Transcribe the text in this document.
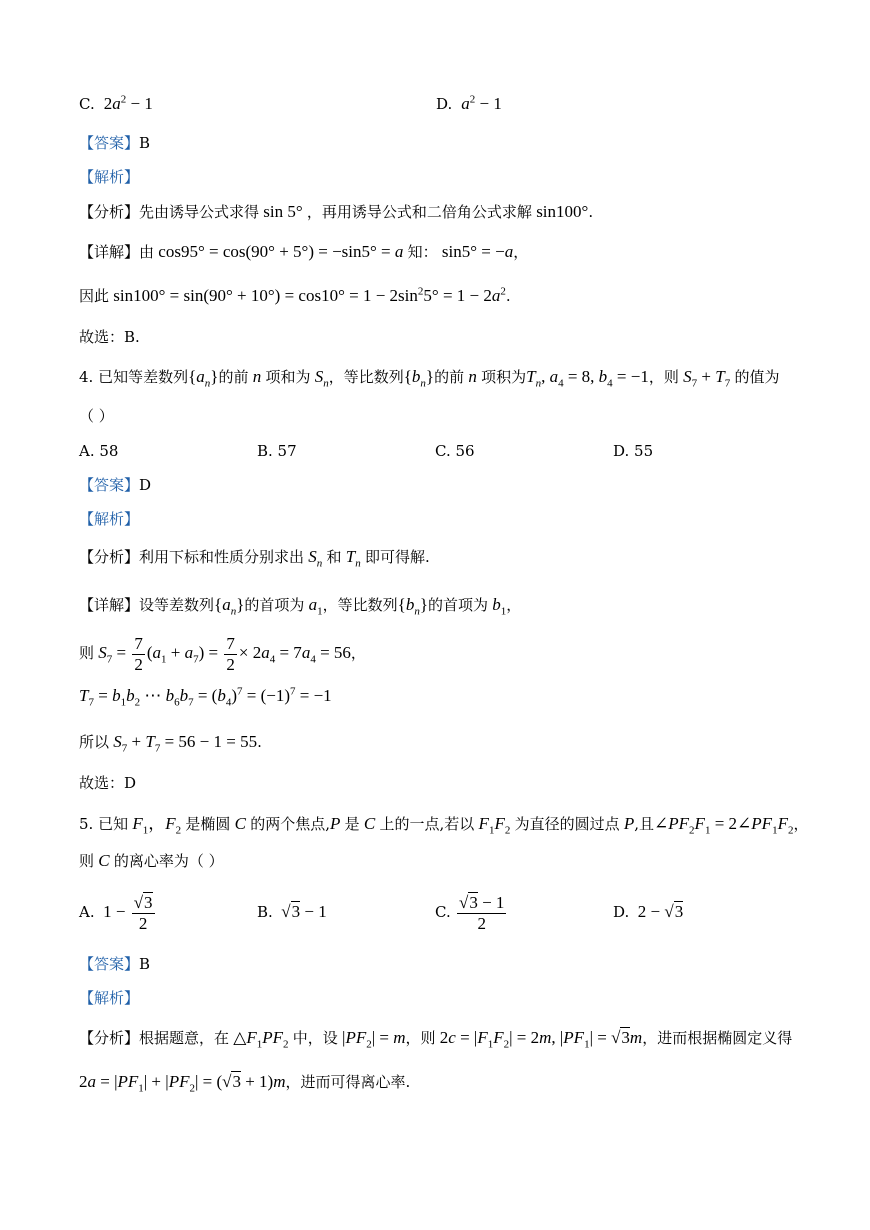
C.  $2a^2 - 1$	D. $a^2 - 1$
【答案】B
【解析】
【分析】先由诱导公式求得 sin 5° ，再用诱导公式和二倍角公式求解 sin100°.
【详解】由 cos95° = cos(90° + 5°) = −sin5° = a 知： sin5° = −a，
因此 $\sin 100^\circ = \sin(90^\circ + 10^\circ) = \cos 10^\circ = 1 - 2\sin^25^\circ = 1 - 2a^2$.
故选：B.
4. 已知等差数列$\{a_n\}$的前 n 项和为 $S_n$，等比数列$\{b_n\}$的前 n 项积为$T_n$, $a_4 = 8$, $b_4 = -1$，则 $S_7 + T_7$ 的值为
（ ）
A. 58	B. 57	C. 56	D. 55
【答案】D
【解析】
【分析】利用下标和性质分别求出 $S_n$ 和 $T_n$ 即可得解.
【详解】设等差数列$\{a_n\}$的首项为 $a_1$，等比数列$\{b_n\}$的首项为 $b_1$，
则 $S_7 = \frac{7}{2} (a_1 + a_7) = \frac{7}{2} \times 2a_4 = 7a_4 = 56$，
$T_7 = b_1b_2$ ⋯ $b_6b_7 = (b_4)^7 = (-1)^7 = -1$
所以 $S_7 + T_7 = 56 - 1 = 55$.
故选：D
5. 已知 $F_1$，$F_2$ 是椭圆 C 的两个焦点,P 是 C 上的一点,若以 $F_1F_2$ 为直径的圆过点 P,且$\angle PF_2F_1$ = $2\angle PF_1F_2$，
则 C 的离心率为（ ）
A.  $1 - \frac{√3}{2}$	B.  √3 − 1	C. $\frac{√3 - 1}{2}$	D.  2 − √3
【答案】B
【解析】
【分析】根据题意，在 $\triangle F_1PF_2$ 中，设 $|PF_2| = m$，则 $2c = |F_1F_2| = 2m$, $|PF_1| = √3m$，进而根据椭圆定义得
$2a = |PF_1| + |PF_2| = (√3 + 1)m$，进而可得离心率.
